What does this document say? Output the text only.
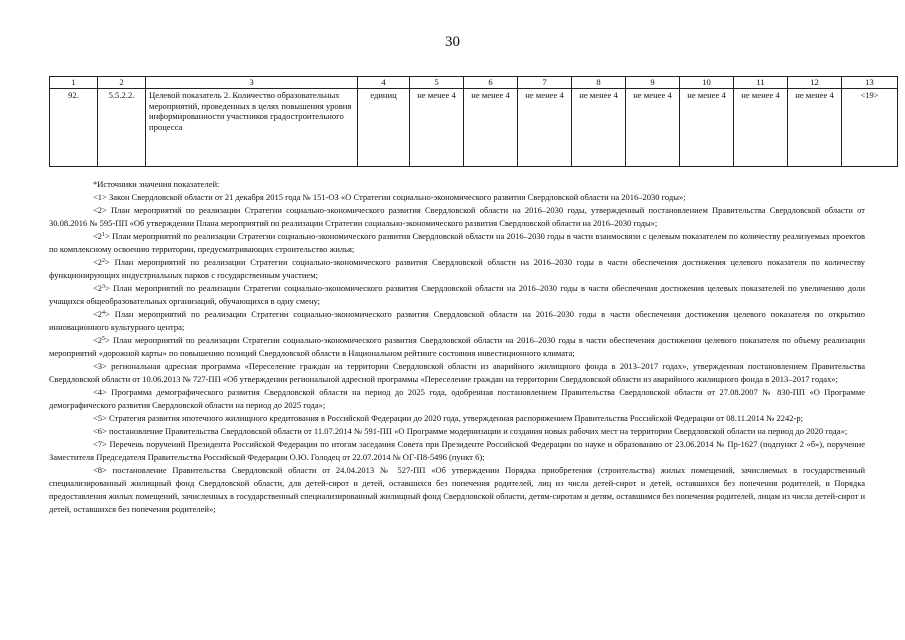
30
1	2	3	4	5	6	7	8	9	10	11	12	13
92.	5.5.2.2.	Целевой показатель 2. Количество образовательных мероприятий, проведенных в целях повышения уровня информированности участников градостроительного процесса	единиц	не менее 4	не менее 4	не менее 4	не менее 4	не менее 4	не менее 4	не менее 4	не менее 4	<19>

*Источники значения показателей:

<1> Закон Свердловской области от 21 декабря 2015 года № 151-ОЗ «О Стратегии социально-экономического развития Свердловской области на 2016–2030 годы»;

<2> План мероприятий по реализации Стратегии социально-экономического развития Свердловской области на 2016–2030 годы, утвержденный постановлением Правительства Свердловской области от 30.08.2016 № 595-ПП «Об утверждении Плана мероприятий по реализации Стратегии социально-экономического развития Свердловской области на 2016–2030 годы»;

$<2^1>$ План мероприятий по реализации Стратегии социально-экономического развития Свердловской области на 2016–2030 годы в части взаимосвязи с целевым показателем по количеству реализуемых проектов по комплексному освоению территории, предусматривающих строительство жилья;

$<2^2>$ План мероприятий по реализации Стратегии социально-экономического развития Свердловской области на 2016–2030 годы в части обеспечения достижения целевого показателя по количеству функционирующих индустриальных парков с государственным участием;

$<2^3>$ План мероприятий по реализации Стратегии социально-экономического развития Свердловской области на 2016–2030 годы в части обеспечения достижения целевых показателей по увеличению доли учащихся общеобразовательных организаций, обучающихся в одну смену;

$<2^4>$ План мероприятий по реализации Стратегии социально-экономического развития Свердловской области на 2016–2030 годы в части обеспечения достижения целевого показателя по открытию инновационного культурного центра;

$<2^5>$ План мероприятий по реализации Стратегии социально-экономического развития Свердловской области на 2016–2030 годы в части обеспечения достижения целевого показателя по объему реализации мероприятий «дорожной карты» по повышению позиций Свердловской области в Национальном рейтинге состояния инвестиционного климата;

<3> региональная адресная программа «Переселение граждан на территории Свердловской области из аварийного жилищного фонда в 2013–2017 годах», утвержденная постановлением Правительства Свердловской области от 10.06.2013 № 727-ПП «Об утверждении региональной адресной программы «Переселение граждан на территории Свердловской области из аварийного жилищного фонда в 2013–2017 годах»;

<4> Программа демографического развития Свердловской области на период до 2025 года, одобренная постановлением Правительства Свердловской области от 27.08.2007 № 830-ПП «О Программе демографического развития Свердловской области на период до 2025 года»;

<5> Стратегия развития ипотечного жилищного кредитования в Российской Федерации до 2020 года, утвержденная распоряжением Правительства Российской Федерации от 08.11.2014 № 2242-р;

<6> постановление Правительства Свердловской области от 11.07.2014 № 591-ПП «О Программе модернизации и создания новых рабочих мест на территории Свердловской области на период до 2020 года»;

<7> Перечень поручений Президента Российской Федерации по итогам заседания Совета при Президенте Российской Федерации по науке и образованию от 23.06.2014 № Пр-1627 (подпункт 2 «б»), поручение Заместителя Председателя Правительства Российской Федерации О.Ю. Голодец от 22.07.2014 № ОГ-П8-5496 (пункт 6);

<8> постановление Правительства Свердловской области от 24.04.2013 № 527-ПП «Об утверждении Порядка приобретения (строительства) жилых помещений, зачисляемых в государственный специализированный жилищный фонд Свердловской области, для детей-сирот и детей, оставшихся без попечения родителей, лиц из числа детей-сирот и детей, оставшихся без попечения родителей, и Порядка предоставления жилых помещений, зачисленных в государственный специализированный жилищный фонд Свердловской области, детям-сиротам и детям, оставшимся без попечения родителей, лицам из числа детей-сирот и детей, оставшихся без попечения родителей»;
